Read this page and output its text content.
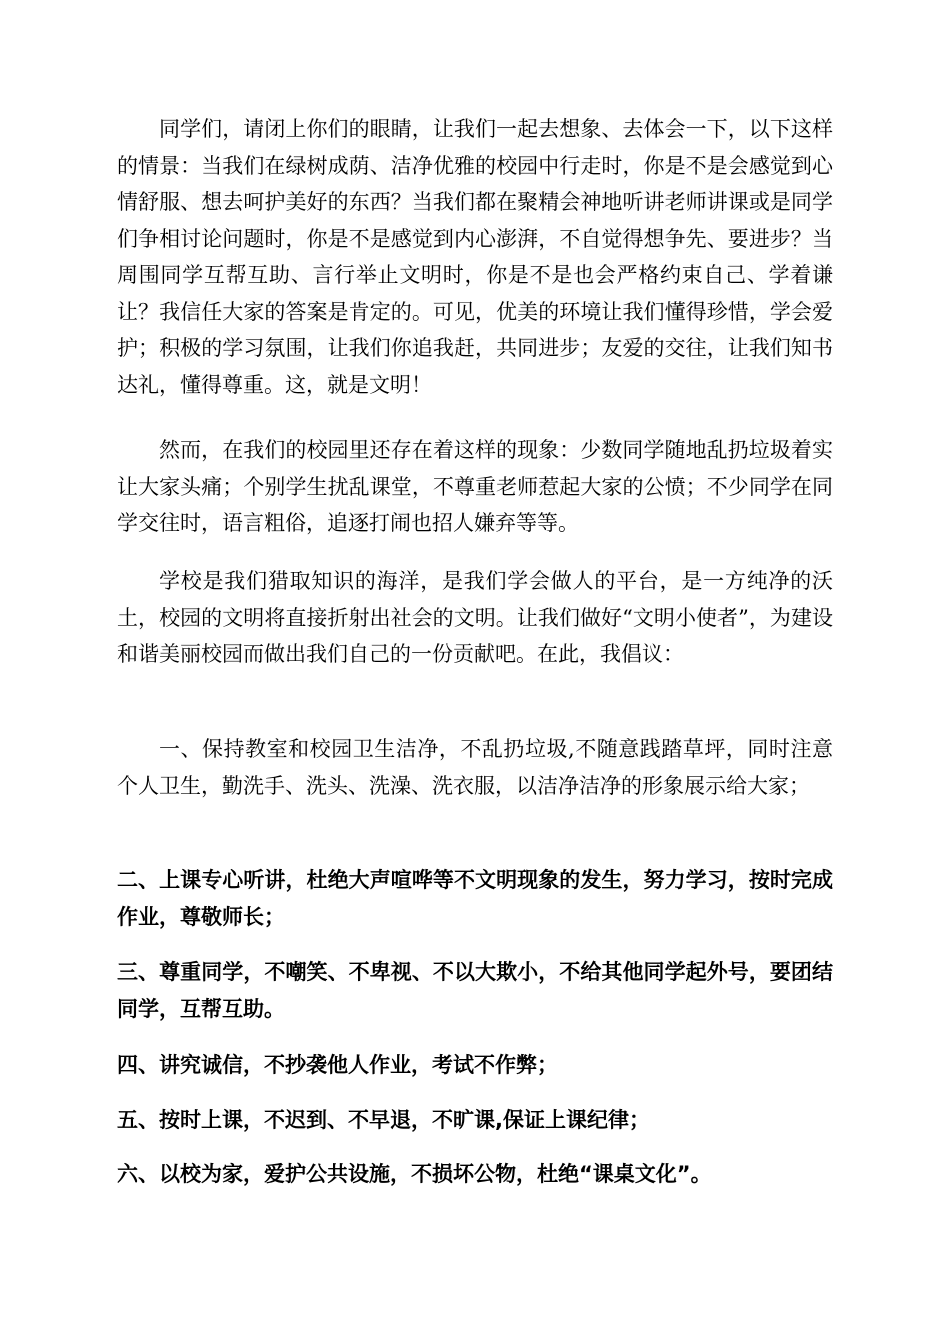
同学们，请闭上你们的眼睛，让我们一起去想象、去体会一下，以下这样的情景：当我们在绿树成荫、洁净优雅的校园中行走时，你是不是会感觉到心情舒服、想去呵护美好的东西？当我们都在聚精会神地听讲老师讲课或是同学们争相讨论问题时，你是不是感觉到内心澎湃，不自觉得想争先、要进步？当周围同学互帮互助、言行举止文明时，你是不是也会严格约束自己、学着谦让？我信任大家的答案是肯定的。可见，优美的环境让我们懂得珍惜，学会爱护；积极的学习氛围，让我们你追我赶，共同进步；友爱的交往，让我们知书达礼，懂得尊重。这，就是文明！

然而，在我们的校园里还存在着这样的现象：少数同学随地乱扔垃圾着实让大家头痛；个别学生扰乱课堂，不尊重老师惹起大家的公愤；不少同学在同学交往时，语言粗俗，追逐打闹也招人嫌弃等等。

学校是我们猎取知识的海洋，是我们学会做人的平台，是一方纯净的沃土，校园的文明将直接折射出社会的文明。让我们做好“文明小使者”，为建设和谐美丽校园而做出我们自己的一份贡献吧。在此，我倡议：

一、保持教室和校园卫生洁净，不乱扔垃圾,不随意践踏草坪，同时注意个人卫生，勤洗手、洗头、洗澡、洗衣服，以洁净洁净的形象展示给大家；

二、上课专心听讲，杜绝大声喧哗等不文明现象的发生，努力学习，按时完成作业，尊敬师长；

三、尊重同学，不嘲笑、不卑视、不以大欺小，不给其他同学起外号，要团结同学，互帮互助。

四、讲究诚信，不抄袭他人作业，考试不作弊；

五、按时上课，不迟到、不早退，不旷课,保证上课纪律；

六、以校为家，爱护公共设施，不损坏公物，杜绝“课桌文化”。
